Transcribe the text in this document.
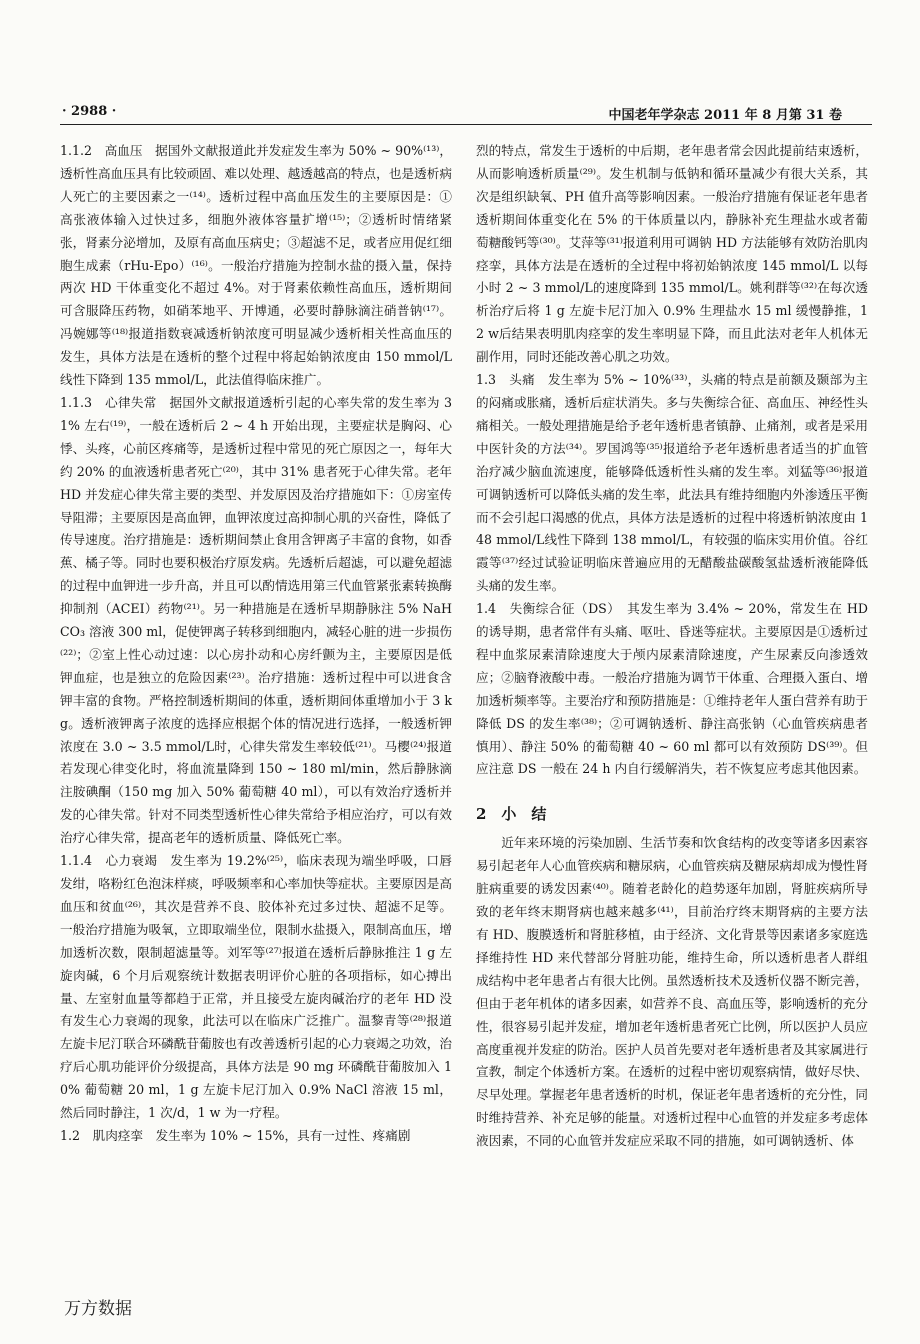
· 2988 ·	中国老年学杂志 2011 年 8 月第 31 卷

1.1.2　高血压　据国外文献报道此并发症发生率为 50% ~ 90%⁽¹³⁾，透析性高血压具有比较顽固、难以处理、越透越高的特点，也是透析病人死亡的主要因素之一⁽¹⁴⁾。透析过程中高血压发生的主要原因是：①高张液体输入过快过多，细胞外液体容量扩增⁽¹⁵⁾；②透析时情绪紧张，肾素分泌增加，及原有高血压病史；③超滤不足，或者应用促红细胞生成素（rHu-Epo）⁽¹⁶⁾。一般治疗措施为控制水盐的摄入量，保持两次 HD 干体重变化不超过 4%。对于肾素依赖性高血压，透析期间可含服降压药物，如硝苯地平、开博通，必要时静脉滴注硝普钠⁽¹⁷⁾。冯婉娜等⁽¹⁸⁾报道指数衰减透析钠浓度可明显减少透析相关性高血压的发生，具体方法是在透析的整个过程中将起始钠浓度由 150 mmol/L 线性下降到 135 mmol/L，此法值得临床推广。

1.1.3　心律失常　据国外文献报道透析引起的心率失常的发生率为 31% 左右⁽¹⁹⁾，一般在透析后 2 ~ 4 h 开始出现，主要症状是胸闷、心悸、头疼，心前区疼痛等，是透析过程中常见的死亡原因之一，每年大约 20% 的血液透析患者死亡⁽²⁰⁾，其中 31% 患者死于心律失常。老年 HD 并发症心律失常主要的类型、并发原因及治疗措施如下：①房室传导阻滞；主要原因是高血钾，血钾浓度过高抑制心肌的兴奋性，降低了传导速度。治疗措施是：透析期间禁止食用含钾离子丰富的食物，如香蕉、橘子等。同时也要积极治疗原发病。先透析后超滤，可以避免超滤的过程中血钾进一步升高，并且可以酌情选用第三代血管紧张素转换酶抑制剂（ACEI）药物⁽²¹⁾。另一种措施是在透析早期静脉注 5% NaHCO₃ 溶液 300 ml，促使钾离子转移到细胞内，减轻心脏的进一步损伤⁽²²⁾；②室上性心动过速：以心房扑动和心房纤颤为主，主要原因是低钾血症，也是独立的危险因素⁽²³⁾。治疗措施：透析过程中可以进食含钾丰富的食物。严格控制透析期间的体重，透析期间体重增加小于 3 kg。透析液钾离子浓度的选择应根据个体的情况进行选择，一般透析钾浓度在 3.0 ~ 3.5 mmol/L时，心律失常发生率较低⁽²¹⁾。马樱⁽²⁴⁾报道若发现心律变化时，将血流量降到 150 ~ 180 ml/min，然后静脉滴注胺碘酮（150 mg 加入 50% 葡萄糖 40 ml），可以有效治疗透析并发的心律失常。针对不同类型透析性心律失常给予相应治疗，可以有效治疗心律失常，提高老年的透析质量、降低死亡率。

1.1.4　心力衰竭　发生率为 19.2%⁽²⁵⁾，临床表现为端坐呼吸，口唇发绀，咯粉红色泡沫样痰，呼吸频率和心率加快等症状。主要原因是高血压和贫血⁽²⁶⁾，其次是营养不良、胶体补充过多过快、超滤不足等。一般治疗措施为吸氧，立即取端坐位，限制水盐摄入，限制高血压，增加透析次数，限制超滤量等。刘军等⁽²⁷⁾报道在透析后静脉推注 1 g 左旋肉碱，6 个月后观察统计数据表明评价心脏的各项指标，如心搏出量、左室射血量等都趋于正常，并且接受左旋肉碱治疗的老年 HD 没有发生心力衰竭的现象，此法可以在临床广泛推广。温黎青等⁽²⁸⁾报道左旋卡尼汀联合环磷酰苷葡胺也有改善透析引起的心力衰竭之功效，治疗后心肌功能评价分级提高，具体方法是 90 mg 环磷酰苷葡胺加入 10% 葡萄糖 20 ml，1 g 左旋卡尼汀加入 0.9% NaCl 溶液 15 ml，然后同时静注，1 次/d，1 w 为一疗程。

1.2　肌肉痉挛　发生率为 10% ~ 15%，具有一过性、疼痛剧

烈的特点，常发生于透析的中后期，老年患者常会因此提前结束透析，从而影响透析质量⁽²⁹⁾。发生机制与低钠和循环量减少有很大关系，其次是组织缺氧、PH 值升高等影响因素。一般治疗措施有保证老年患者透析期间体重变化在 5% 的干体质量以内，静脉补充生理盐水或者葡萄糖酸钙等⁽³⁰⁾。艾萍等⁽³¹⁾报道利用可调钠 HD 方法能够有效防治肌肉痉挛，具体方法是在透析的全过程中将初始钠浓度 145 mmol/L 以每小时 2 ~ 3 mmol/L的速度降到 135 mmol/L。姚利群等⁽³²⁾在每次透析治疗后将 1 g 左旋卡尼汀加入 0.9% 生理盐水 15 ml 缓慢静推，12 w后结果表明肌肉痉挛的发生率明显下降，而且此法对老年人机体无副作用，同时还能改善心肌之功效。

1.3　头痛　发生率为 5% ~ 10%⁽³³⁾，头痛的特点是前额及颞部为主的闷痛或胀痛，透析后症状消失。多与失衡综合征、高血压、神经性头痛相关。一般处理措施是给予老年透析患者镇静、止痛剂，或者是采用中医针灸的方法⁽³⁴⁾。罗国鸿等⁽³⁵⁾报道给予老年透析患者适当的扩血管治疗减少脑血流速度，能够降低透析性头痛的发生率。刘猛等⁽³⁶⁾报道可调钠透析可以降低头痛的发生率，此法具有维持细胞内外渗透压平衡而不会引起口渴感的优点，具体方法是透析的过程中将透析钠浓度由 148 mmol/L线性下降到 138 mmol/L，有较强的临床实用价值。谷红霞等⁽³⁷⁾经过试验证明临床普遍应用的无醋酸盐碳酸氢盐透析液能降低头痛的发生率。

1.4　失衡综合征（DS）　其发生率为 3.4% ~ 20%，常发生在 HD 的诱导期，患者常伴有头痛、呕吐、昏迷等症状。主要原因是①透析过程中血浆尿素清除速度大于颅内尿素清除速度，产生尿素反向渗透效应；②脑脊液酸中毒。一般治疗措施为调节干体重、合理摄入蛋白、增加透析频率等。主要治疗和预防措施是：①维持老年人蛋白营养有助于降低 DS 的发生率⁽³⁸⁾；②可调钠透析、静注高张钠（心血管疾病患者慎用）、静注 50% 的葡萄糖 40 ~ 60 ml 都可以有效预防 DS⁽³⁹⁾。但应注意 DS 一般在 24 h 内自行缓解消失，若不恢复应考虑其他因素。

2　小　结

近年来环境的污染加剧、生活节奏和饮食结构的改变等诸多因素容易引起老年人心血管疾病和糖尿病，心血管疾病及糖尿病却成为慢性肾脏病重要的诱发因素⁽⁴⁰⁾。随着老龄化的趋势逐年加剧，肾脏疾病所导致的老年终末期肾病也越来越多⁽⁴¹⁾，目前治疗终末期肾病的主要方法有 HD、腹膜透析和肾脏移植，由于经济、文化背景等因素诸多家庭选择维持性 HD 来代替部分肾脏功能，维持生命，所以透析患者人群组成结构中老年患者占有很大比例。虽然透析技术及透析仪器不断完善，但由于老年机体的诸多因素，如营养不良、高血压等，影响透析的充分性，很容易引起并发症，增加老年透析患者死亡比例，所以医护人员应高度重视并发症的防治。医护人员首先要对老年透析患者及其家属进行宣教，制定个体透析方案。在透析的过程中密切观察病情，做好尽快、尽早处理。掌握老年患者透析的时机，保证老年患者透析的充分性，同时维持营养、补充足够的能量。对透析过程中心血管的并发症多考虑体液因素，不同的心血管并发症应采取不同的措施，如可调钠透析、体

万方数据
